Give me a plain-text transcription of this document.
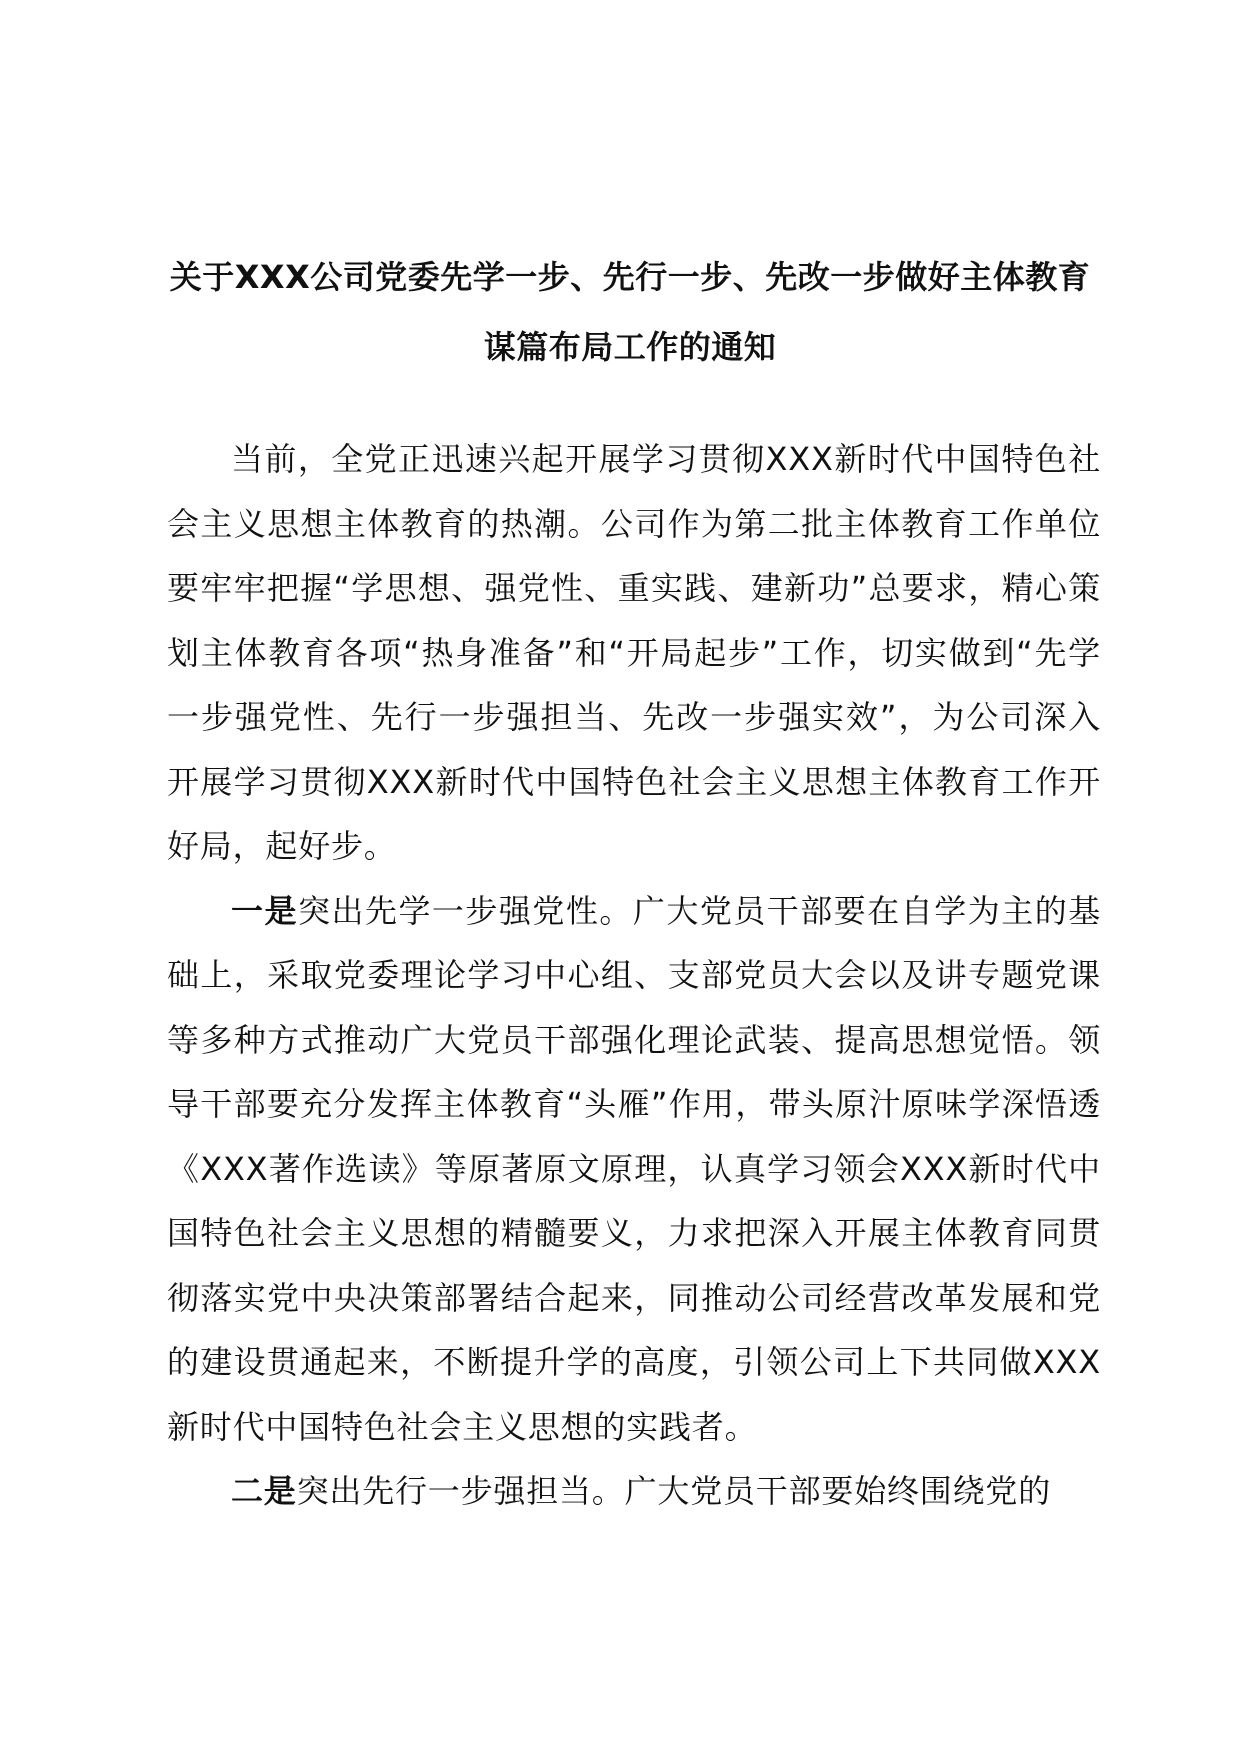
关于XXX公司党委先学一步、先行一步、先改一步做好主体教育
谋篇布局工作的通知

当前，全党正迅速兴起开展学习贯彻XXX新时代中国特色社会主义思想主体教育的热潮。公司作为第二批主体教育工作单位要牢牢把握“学思想、强党性、重实践、建新功”总要求，精心策划主体教育各项“热身准备”和“开局起步”工作，切实做到“先学一步强党性、先行一步强担当、先改一步强实效”，为公司深入开展学习贯彻XXX新时代中国特色社会主义思想主体教育工作开好局，起好步。

一是突出先学一步强党性。广大党员干部要在自学为主的基础上，采取党委理论学习中心组、支部党员大会以及讲专题党课等多种方式推动广大党员干部强化理论武装、提高思想觉悟。领导干部要充分发挥主体教育“头雁”作用，带头原汁原味学深悟透《XXX著作选读》等原著原文原理，认真学习领会XXX新时代中国特色社会主义思想的精髓要义，力求把深入开展主体教育同贯彻落实党中央决策部署结合起来，同推动公司经营改革发展和党的建设贯通起来，不断提升学的高度，引领公司上下共同做XXX新时代中国特色社会主义思想的实践者。

二是突出先行一步强担当。广大党员干部要始终围绕党的
